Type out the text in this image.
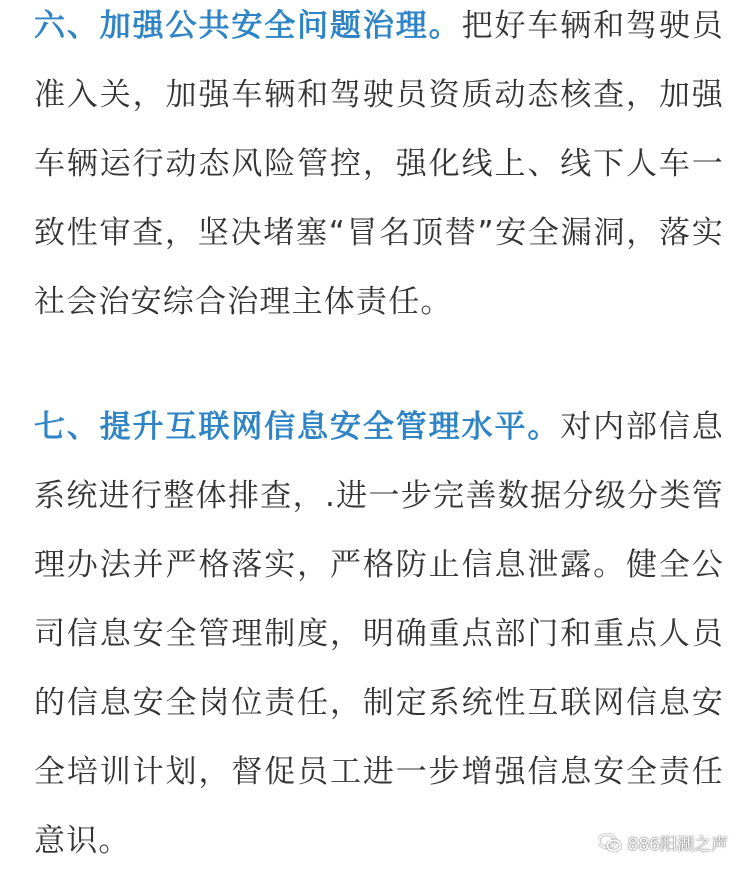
六、加强公共安全问题治理。把好车辆和驾驶员准入关，加强车辆和驾驶员资质动态核查，加强车辆运行动态风险管控，强化线上、线下人车一致性审查，坚决堵塞“冒名顶替”安全漏洞，落实社会治安综合治理主体责任。

七、提升互联网信息安全管理水平。对内部信息系统进行整体排查，.进一步完善数据分级分类管理办法并严格落实，严格防止信息泄露。健全公司信息安全管理制度，明确重点部门和重点人员的信息安全岗位责任，制定系统性互联网信息安全培训计划，督促员工进一步增强信息安全责任意识。	886阳湖之声
